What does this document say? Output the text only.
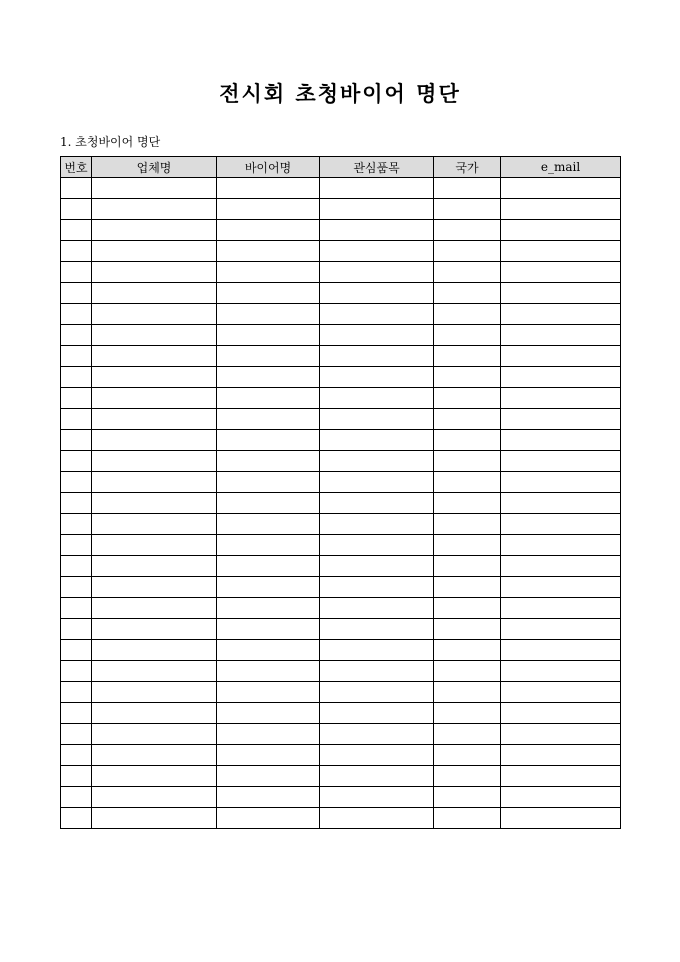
전시회 초청바이어 명단
1. 초청바이어 명단
번호	업체명	바이어명	관심품목	국가	e_mail
